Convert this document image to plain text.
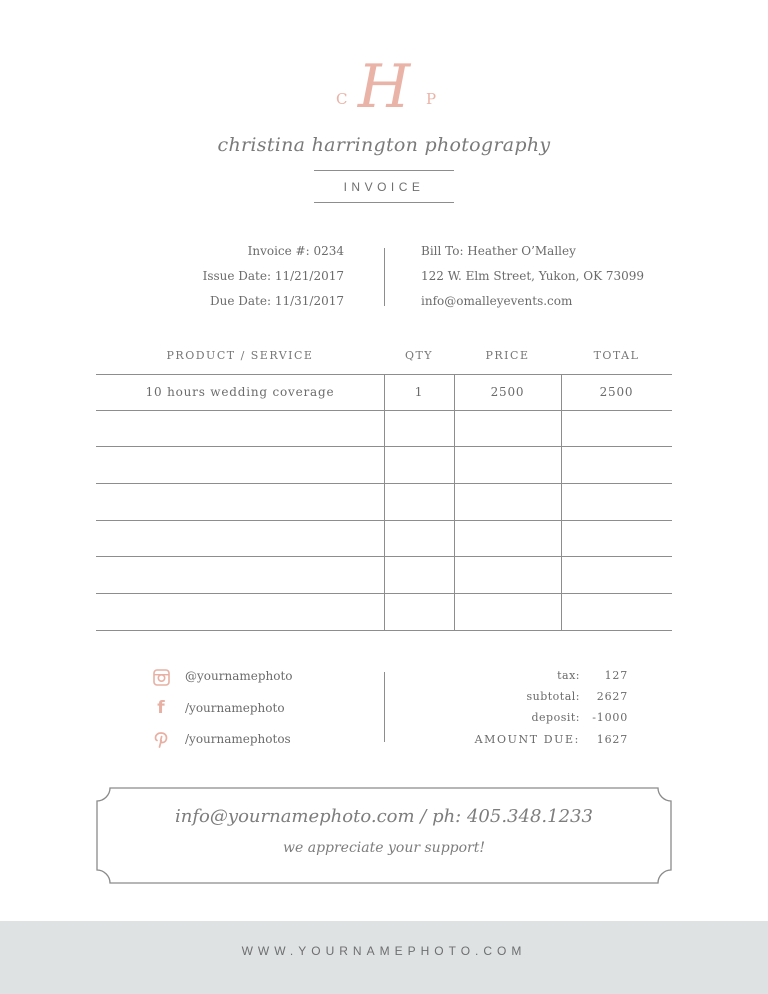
H
C	P
christina harrington photography
INVOICE
Invoice #: 0234
Issue Date: 11/21/2017
Due Date: 11/31/2017
Bill To: Heather O’Malley
122 W. Elm Street, Yukon, OK 73099
info@omalleyevents.com
PRODUCT / SERVICE	QTY	PRICE	TOTAL
10 hours wedding coverage	1	2500	2500
@yournamephoto
f	/yournamephoto
/yournamephotos
tax: 127
subtotal: 2627
deposit: -1000
AMOUNT DUE: 1627
info@yournamephoto.com / ph: 405.348.1233
we appreciate your support!
WWW.YOURNAMEPHOTO.COM
